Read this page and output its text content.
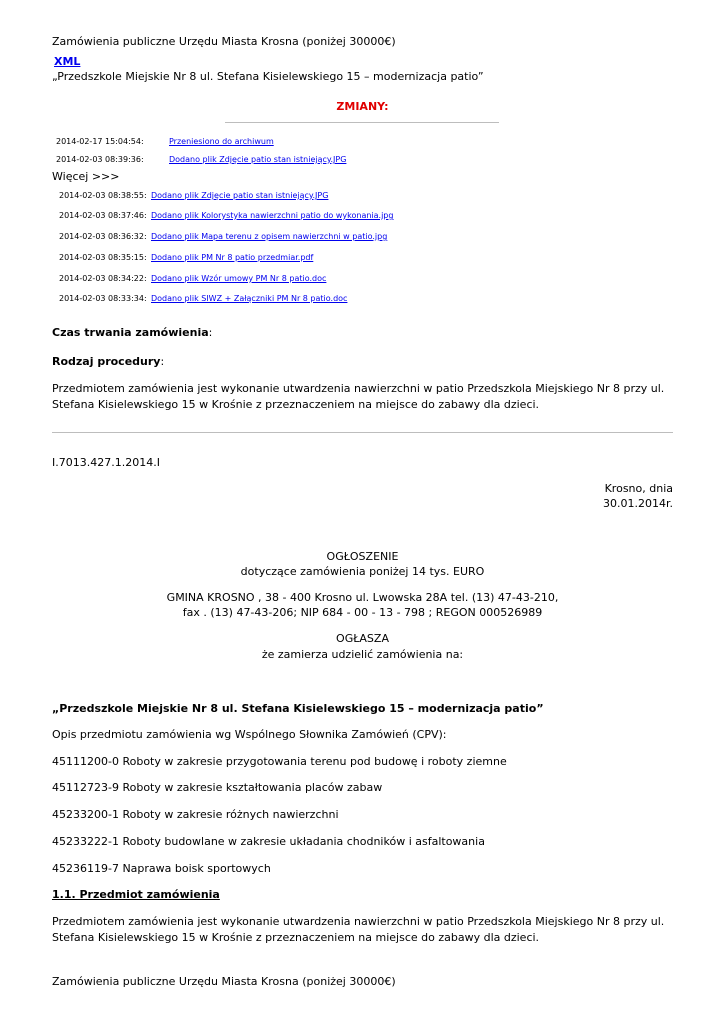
Zamówienia publiczne Urzędu Miasta Krosna (poniżej 30000€)
XML
„Przedszkole Miejskie Nr 8 ul. Stefana Kisielewskiego 15 – modernizacja patio”
ZMIANY:
2014-02-17 15:04:54:	Przeniesiono do archiwum
2014-02-03 08:39:36:	Dodano plik Zdjęcie patio stan istniejący.JPG
Więcej >>>
2014-02-03 08:38:55: Dodano plik Zdjęcie patio stan istniejący.JPG
2014-02-03 08:37:46: Dodano plik Kolorystyka nawierzchni patio do wykonania.jpg
2014-02-03 08:36:32: Dodano plik Mapa terenu z opisem nawierzchni w patio.jpg
2014-02-03 08:35:15: Dodano plik PM Nr 8 patio przedmiar.pdf
2014-02-03 08:34:22: Dodano plik Wzór umowy PM Nr 8 patio.doc
2014-02-03 08:33:34: Dodano plik SIWZ + Załączniki PM Nr 8 patio.doc
Czas trwania zamówienia:
Rodzaj procedury:
Przedmiotem zamówienia jest wykonanie utwardzenia nawierzchni w patio Przedszkola Miejskiego Nr 8 przy ul. Stefana Kisielewskiego 15 w Krośnie z przeznaczeniem na miejsce do zabawy dla dzieci.
I.7013.427.1.2014.I
Krosno, dnia
30.01.2014r.
OGŁOSZENIE
dotyczące zamówienia poniżej 14 tys. EURO
GMINA KROSNO , 38 - 400 Krosno ul. Lwowska 28A tel. (13) 47-43-210,
fax . (13) 47-43-206; NIP 684 - 00 - 13 - 798 ; REGON 000526989
OGŁASZA
że zamierza udzielić zamówienia na:
„Przedszkole Miejskie Nr 8 ul. Stefana Kisielewskiego 15 – modernizacja patio”
Opis przedmiotu zamówienia wg Wspólnego Słownika Zamówień (CPV):
45111200-0 Roboty w zakresie przygotowania terenu pod budowę i roboty ziemne
45112723-9 Roboty w zakresie kształtowania placów zabaw
45233200-1 Roboty w zakresie różnych nawierzchni
45233222-1 Roboty budowlane w zakresie układania chodników i asfaltowania
45236119-7 Naprawa boisk sportowych
1.1. Przedmiot zamówienia
Przedmiotem zamówienia jest wykonanie utwardzenia nawierzchni w patio Przedszkola Miejskiego Nr 8 przy ul. Stefana Kisielewskiego 15 w Krośnie z przeznaczeniem na miejsce do zabawy dla dzieci.
Zamówienia publiczne Urzędu Miasta Krosna (poniżej 30000€)
